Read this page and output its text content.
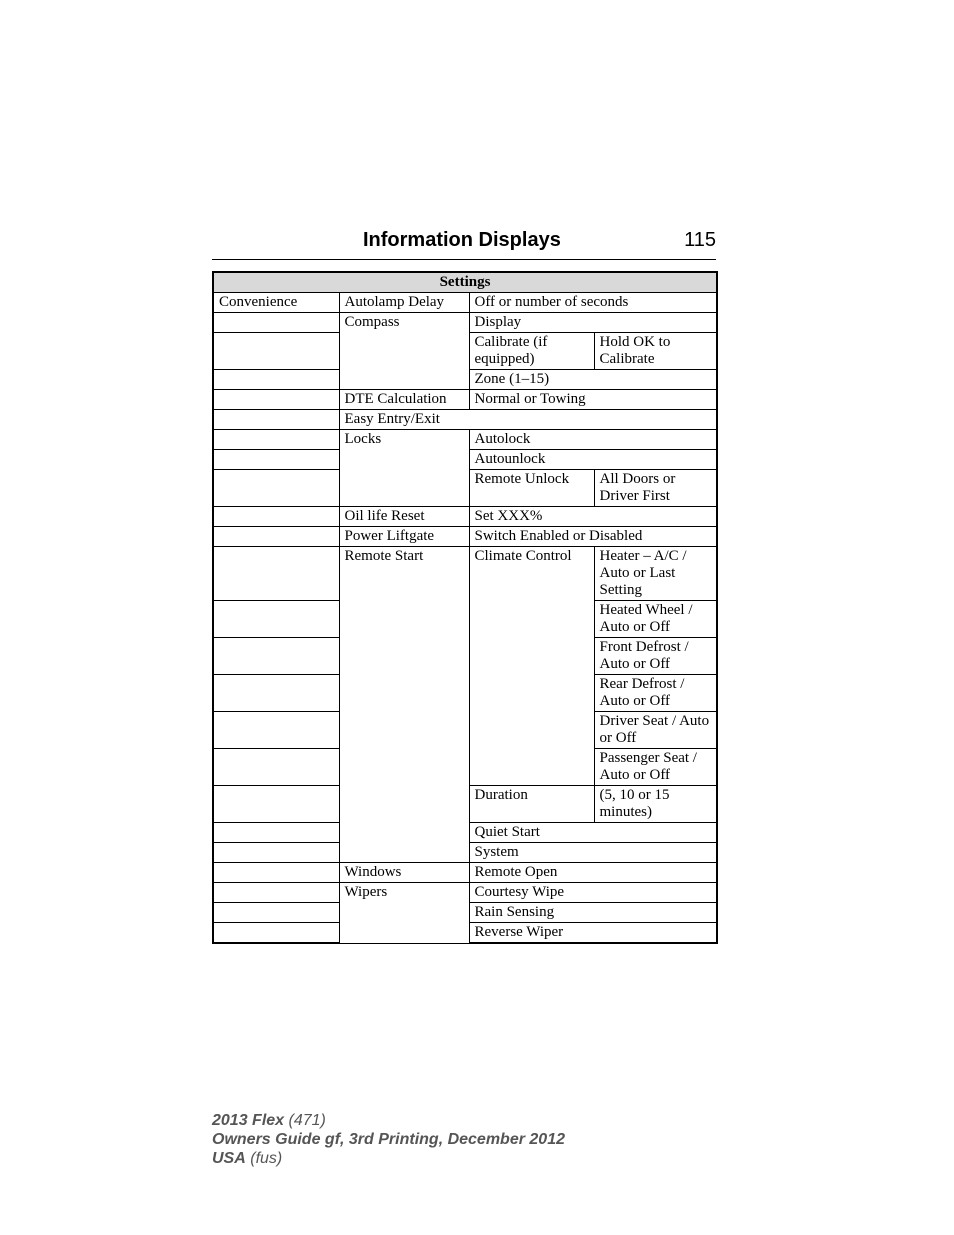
Information Displays	115
Settings			
Convenience	Autolamp Delay	Off or number of seconds	
	Compass	Display	
		Calibrate (if equipped)	Hold OK to Calibrate
		Zone (1–15)	
	DTE Calculation	Normal or Towing	
	Easy Entry/Exit		
	Locks	Autolock	
		Autounlock	
		Remote Unlock	All Doors or Driver First
	Oil life Reset	Set XXX%	
	Power Liftgate	Switch Enabled or Disabled	
	Remote Start	Climate Control	Heater – A/C / Auto or Last Setting
			Heated Wheel / Auto or Off
			Front Defrost / Auto or Off
			Rear Defrost / Auto or Off
			Driver Seat / Auto or Off
			Passenger Seat / Auto or Off
		Duration	(5, 10 or 15 minutes)
		Quiet Start	
		System	
	Windows	Remote Open	
	Wipers	Courtesy Wipe	
		Rain Sensing	
		Reverse Wiper	
2013 Flex (471)
Owners Guide gf, 3rd Printing, December 2012
USA (fus)
